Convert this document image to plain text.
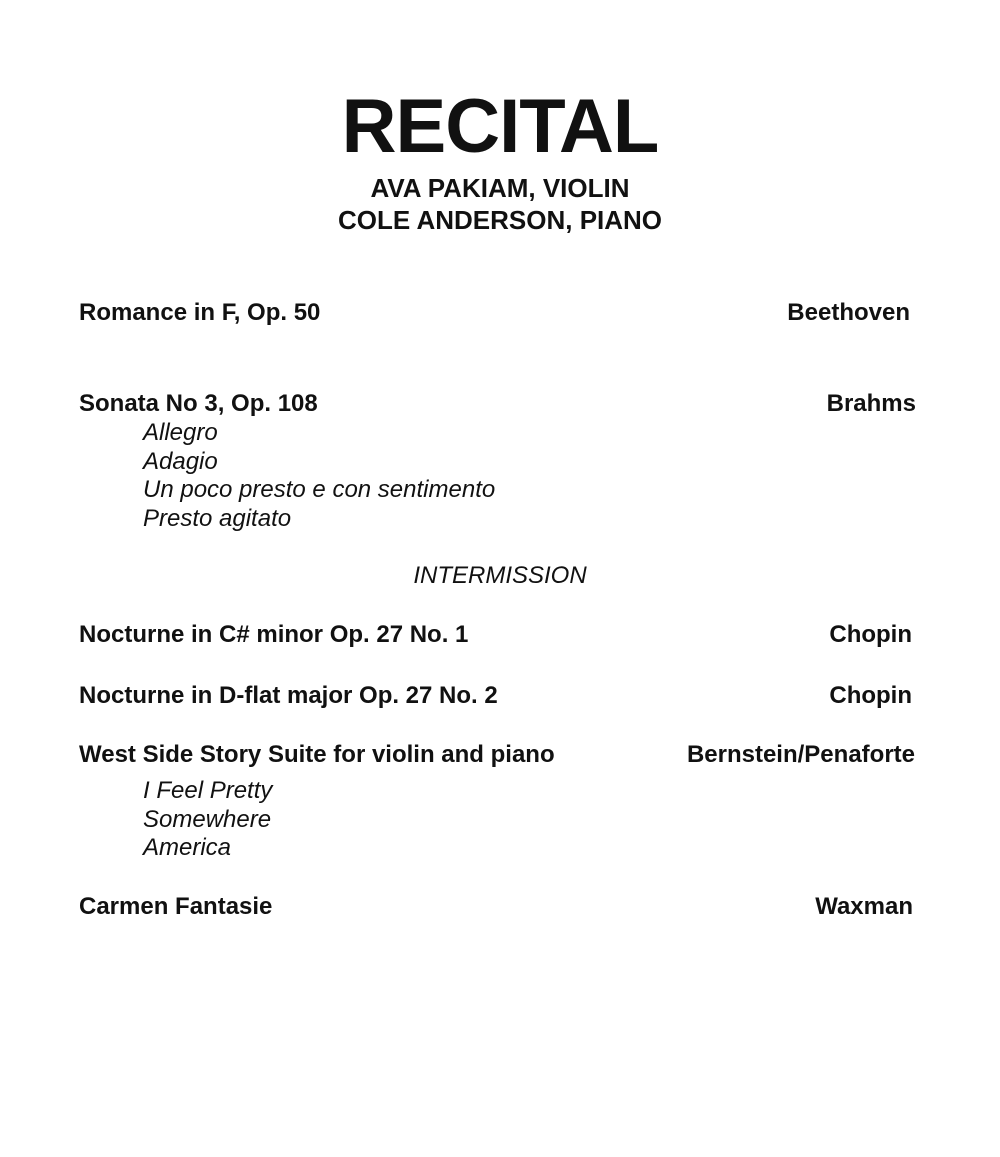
RECITAL
AVA PAKIAM, VIOLIN
COLE ANDERSON, PIANO
Romance in F, Op. 50	Beethoven
Sonata No 3, Op. 108	Brahms
Allegro
Adagio
Un poco presto e con sentimento
Presto agitato
INTERMISSION
Nocturne in C# minor Op. 27 No. 1	Chopin
Nocturne in D-flat major Op. 27 No. 2	Chopin
West Side Story Suite for violin and piano	Bernstein/Penaforte
I Feel Pretty
Somewhere
America
Carmen Fantasie	Waxman
